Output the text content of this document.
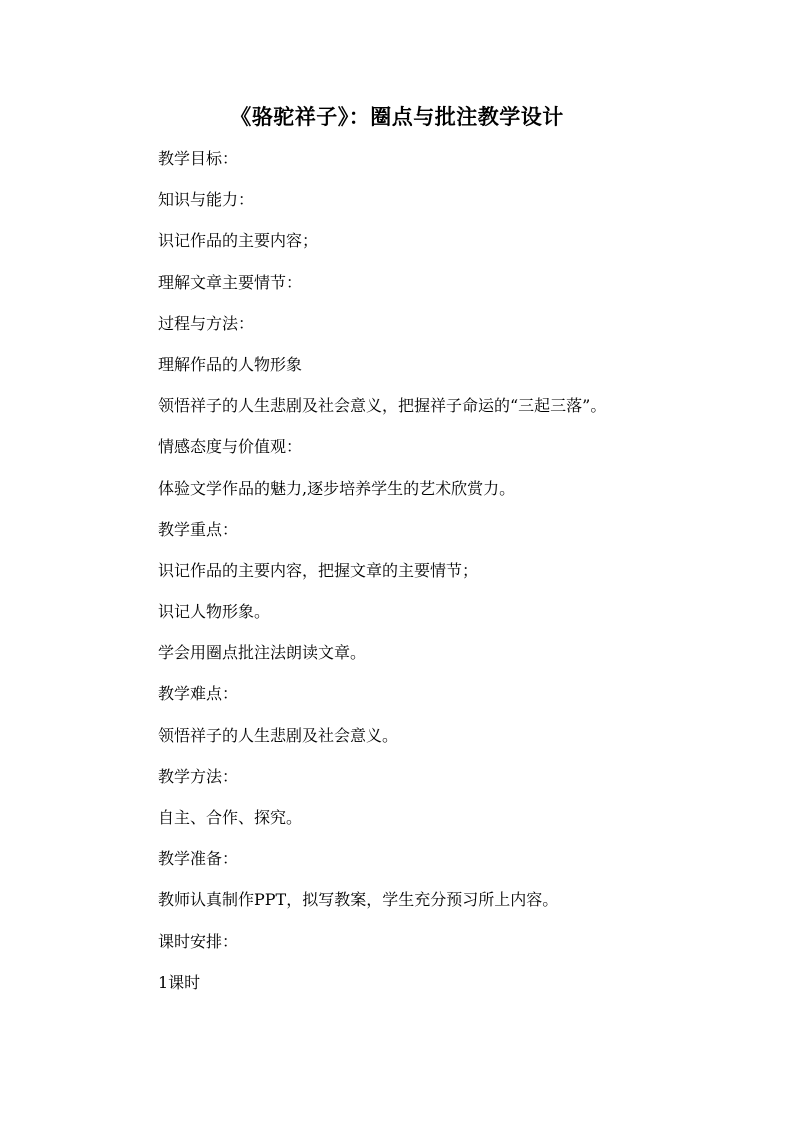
《骆驼祥子》：圈点与批注教学设计

教学目标：

知识与能力：

识记作品的主要内容；

理解文章主要情节：

过程与方法：

理解作品的人物形象

领悟祥子的人生悲剧及社会意义，把握祥子命运的“三起三落”。

情感态度与价值观：

体验文学作品的魅力,逐步培养学生的艺术欣赏力。

教学重点：

识记作品的主要内容，把握文章的主要情节；

识记人物形象。

学会用圈点批注法朗读文章。

教学难点：

领悟祥子的人生悲剧及社会意义。

教学方法：

自主、合作、探究。

教学准备：

教师认真制作PPT，拟写教案，学生充分预习所上内容。

课时安排：

1课时
